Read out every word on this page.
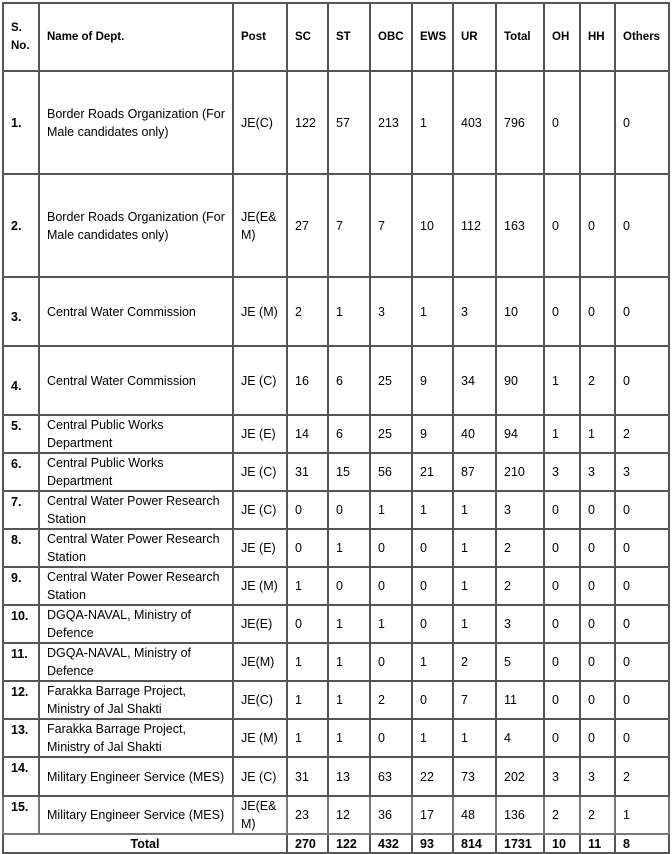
S. No.	Name of Dept.	Post	SC	ST	OBC	EWS	UR	Total	OH	HH	Others
1.	Border Roads Organization (For Male candidates only)	JE(C)	122	57	213	1	403	796	0		0
2.	Border Roads Organization (For Male candidates only)	JE(E& M)	27	7	7	10	112	163	0	0	0
3.	Central Water Commission	JE (M)	2	1	3	1	3	10	0	0	0
4.	Central Water Commission	JE (C)	16	6	25	9	34	90	1	2	0
5.	Central Public Works Department	JE (E)	14	6	25	9	40	94	1	1	2
6.	Central Public Works Department	JE (C)	31	15	56	21	87	210	3	3	3
7.	Central Water Power Research Station	JE (C)	0	0	1	1	1	3	0	0	0
8.	Central Water Power Research Station	JE (E)	0	1	0	0	1	2	0	0	0
9.	Central Water Power Research Station	JE (M)	1	0	0	0	1	2	0	0	0
10.	DGQA-NAVAL, Ministry of Defence	JE(E)	0	1	1	0	1	3	0	0	0
11.	DGQA-NAVAL, Ministry of Defence	JE(M)	1	1	0	1	2	5	0	0	0
12.	Farakka Barrage Project, Ministry of Jal Shakti	JE(C)	1	1	2	0	7	11	0	0	0
13.	Farakka Barrage Project, Ministry of Jal Shakti	JE (M)	1	1	0	1	1	4	0	0	0
14.	Military Engineer Service (MES)	JE (C)	31	13	63	22	73	202	3	3	2
15.	Military Engineer Service (MES)	JE(E& M)	23	12	36	17	48	136	2	2	1
Total			270	122	432	93	814	1731	10	11	8
